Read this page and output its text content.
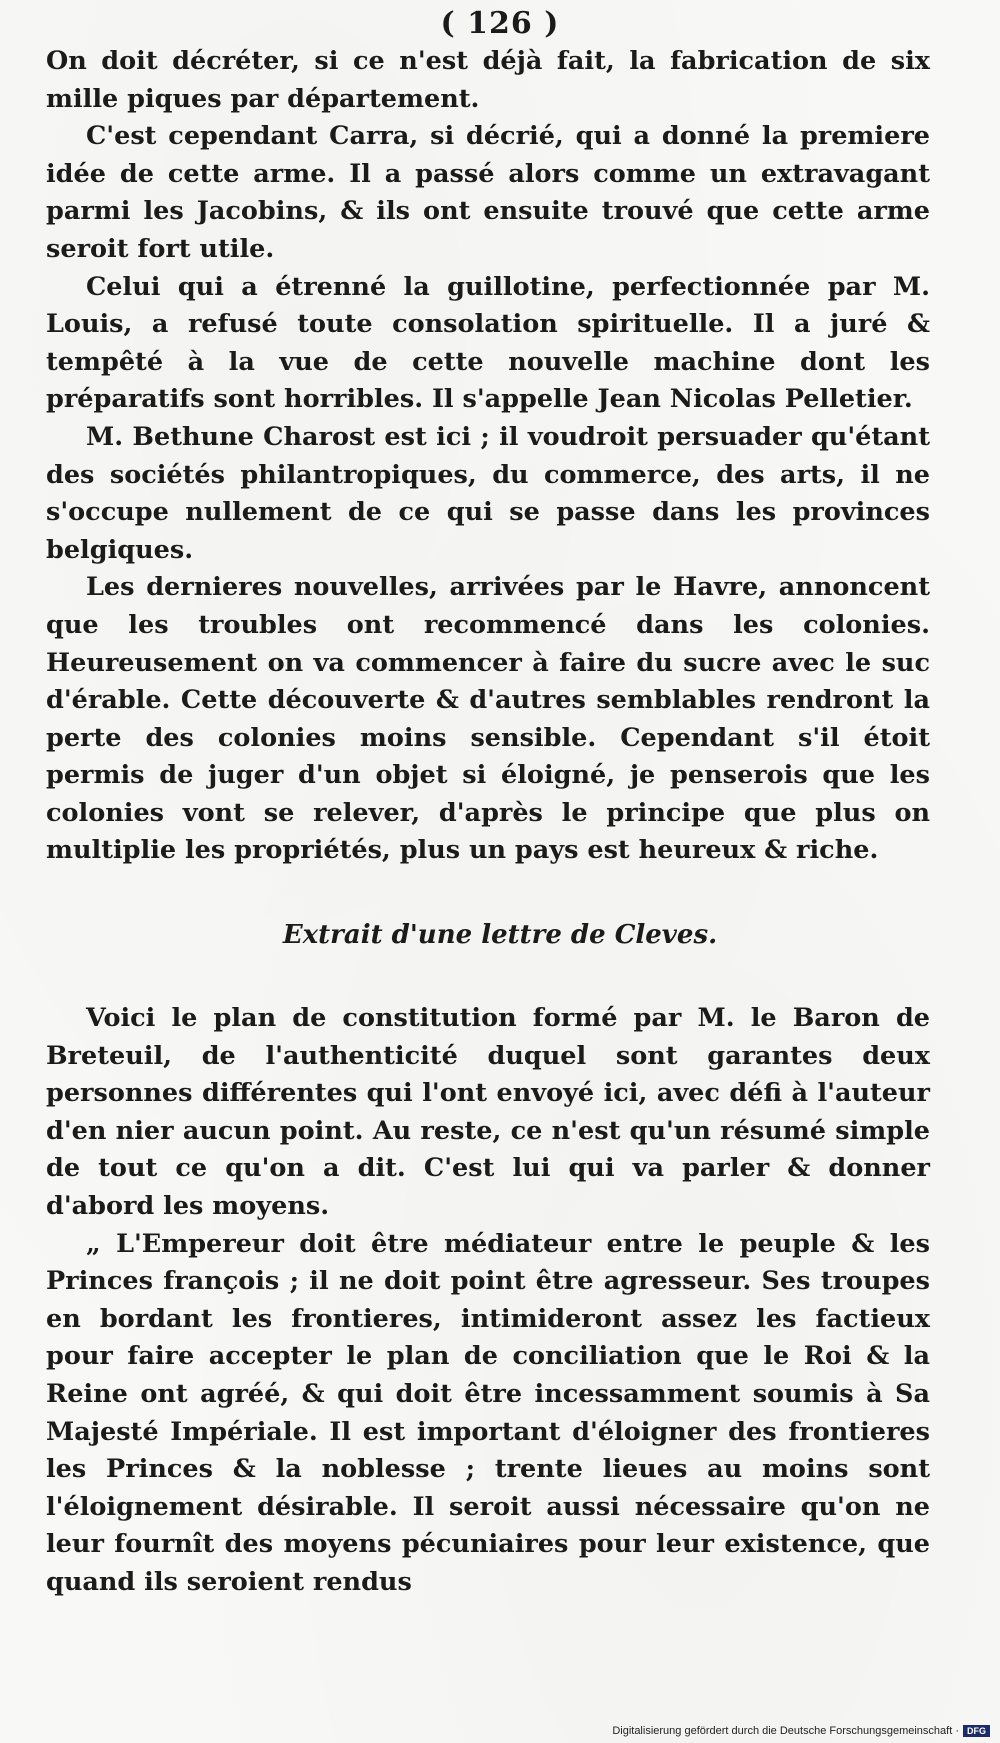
( 126 )

On doit décréter, si ce n'est déjà fait, la fabrication de six mille piques par département.

C'est cependant Carra, si décrié, qui a donné la premiere idée de cette arme. Il a passé alors comme un extravagant parmi les Jacobins, & ils ont ensuite trouvé que cette arme seroit fort utile.

Celui qui a étrenné la guillotine, perfectionnée par M. Louis, a refusé toute consolation spirituelle. Il a juré & tempêté à la vue de cette nouvelle machine dont les préparatifs sont horribles. Il s'appelle Jean Nicolas Pelletier.

M. Bethune Charost est ici ; il voudroit persuader qu'étant des sociétés philantropiques, du commerce, des arts, il ne s'occupe nullement de ce qui se passe dans les provinces belgiques.

Les dernieres nouvelles, arrivées par le Havre, annoncent que les troubles ont recommencé dans les colonies. Heureusement on va commencer à faire du sucre avec le suc d'érable. Cette découverte & d'autres semblables rendront la perte des colonies moins sensible. Cependant s'il étoit permis de juger d'un objet si éloigné, je penserois que les colonies vont se relever, d'après le principe que plus on multiplie les propriétés, plus un pays est heureux & riche.

Extrait d'une lettre de Cleves.

Voici le plan de constitution formé par M. le Baron de Breteuil, de l'authenticité duquel sont garantes deux personnes différentes qui l'ont envoyé ici, avec défi à l'auteur d'en nier aucun point. Au reste, ce n'est qu'un résumé simple de tout ce qu'on a dit. C'est lui qui va parler & donner d'abord les moyens.

„ L'Empereur doit être médiateur entre le peuple & les Princes françois ; il ne doit point être agresseur. Ses troupes en bordant les frontieres, intimideront assez les factieux pour faire accepter le plan de conciliation que le Roi & la Reine ont agréé, & qui doit être incessamment soumis à Sa Majesté Impériale. Il est important d'éloigner des frontieres les Princes & la noblesse ; trente lieues au moins sont l'éloignement désirable. Il seroit aussi nécessaire qu'on ne leur fournît des moyens pécuniaires pour leur existence, que quand ils seroient rendus

Digitalisierung gefördert durch die Deutsche Forschungsgemeinschaft · DFG
